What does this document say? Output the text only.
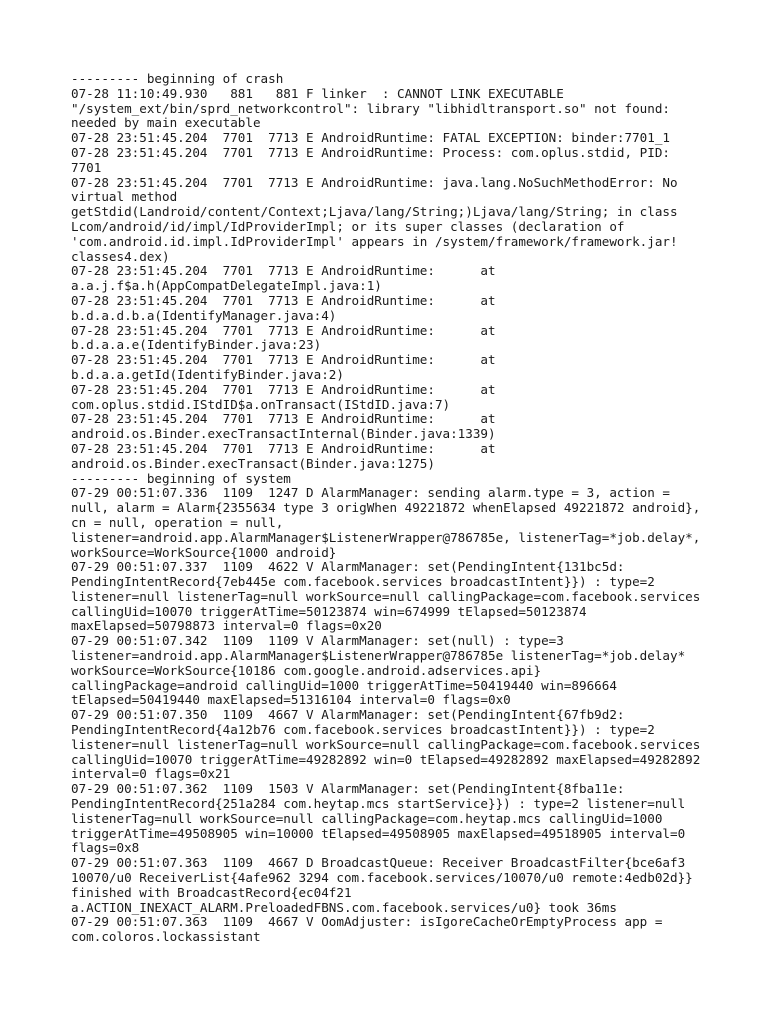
--------- beginning of crash
07-28 11:10:49.930   881   881 F linker  : CANNOT LINK EXECUTABLE
"/system_ext/bin/sprd_networkcontrol": library "libhidltransport.so" not found:
needed by main executable
07-28 23:51:45.204  7701  7713 E AndroidRuntime: FATAL EXCEPTION: binder:7701_1
07-28 23:51:45.204  7701  7713 E AndroidRuntime: Process: com.oplus.stdid, PID:
7701
07-28 23:51:45.204  7701  7713 E AndroidRuntime: java.lang.NoSuchMethodError: No
virtual method
getStdid(Landroid/content/Context;Ljava/lang/String;)Ljava/lang/String; in class
Lcom/android/id/impl/IdProviderImpl; or its super classes (declaration of
'com.android.id.impl.IdProviderImpl' appears in /system/framework/framework.jar!
classes4.dex)
07-28 23:51:45.204  7701  7713 E AndroidRuntime:      at
a.a.j.f$a.h(AppCompatDelegateImpl.java:1)
07-28 23:51:45.204  7701  7713 E AndroidRuntime:      at
b.d.a.d.b.a(IdentifyManager.java:4)
07-28 23:51:45.204  7701  7713 E AndroidRuntime:      at
b.d.a.a.e(IdentifyBinder.java:23)
07-28 23:51:45.204  7701  7713 E AndroidRuntime:      at
b.d.a.a.getId(IdentifyBinder.java:2)
07-28 23:51:45.204  7701  7713 E AndroidRuntime:      at
com.oplus.stdid.IStdID$a.onTransact(IStdID.java:7)
07-28 23:51:45.204  7701  7713 E AndroidRuntime:      at
android.os.Binder.execTransactInternal(Binder.java:1339)
07-28 23:51:45.204  7701  7713 E AndroidRuntime:      at
android.os.Binder.execTransact(Binder.java:1275)
--------- beginning of system
07-29 00:51:07.336  1109  1247 D AlarmManager: sending alarm.type = 3, action =
null, alarm = Alarm{2355634 type 3 origWhen 49221872 whenElapsed 49221872 android},
cn = null, operation = null,
listener=android.app.AlarmManager$ListenerWrapper@786785e, listenerTag=*job.delay*,
workSource=WorkSource{1000 android}
07-29 00:51:07.337  1109  4622 V AlarmManager: set(PendingIntent{131bc5d:
PendingIntentRecord{7eb445e com.facebook.services broadcastIntent}}) : type=2
listener=null listenerTag=null workSource=null callingPackage=com.facebook.services
callingUid=10070 triggerAtTime=50123874 win=674999 tElapsed=50123874
maxElapsed=50798873 interval=0 flags=0x20
07-29 00:51:07.342  1109  1109 V AlarmManager: set(null) : type=3
listener=android.app.AlarmManager$ListenerWrapper@786785e listenerTag=*job.delay*
workSource=WorkSource{10186 com.google.android.adservices.api}
callingPackage=android callingUid=1000 triggerAtTime=50419440 win=896664
tElapsed=50419440 maxElapsed=51316104 interval=0 flags=0x0
07-29 00:51:07.350  1109  4667 V AlarmManager: set(PendingIntent{67fb9d2:
PendingIntentRecord{4a12b76 com.facebook.services broadcastIntent}}) : type=2
listener=null listenerTag=null workSource=null callingPackage=com.facebook.services
callingUid=10070 triggerAtTime=49282892 win=0 tElapsed=49282892 maxElapsed=49282892
interval=0 flags=0x21
07-29 00:51:07.362  1109  1503 V AlarmManager: set(PendingIntent{8fba11e:
PendingIntentRecord{251a284 com.heytap.mcs startService}}) : type=2 listener=null
listenerTag=null workSource=null callingPackage=com.heytap.mcs callingUid=1000
triggerAtTime=49508905 win=10000 tElapsed=49508905 maxElapsed=49518905 interval=0
flags=0x8
07-29 00:51:07.363  1109  4667 D BroadcastQueue: Receiver BroadcastFilter{bce6af3
10070/u0 ReceiverList{4afe962 3294 com.facebook.services/10070/u0 remote:4edb02d}}
finished with BroadcastRecord{ec04f21
a.ACTION_INEXACT_ALARM.PreloadedFBNS.com.facebook.services/u0} took 36ms
07-29 00:51:07.363  1109  4667 V OomAdjuster: isIgoreCacheOrEmptyProcess app =
com.coloros.lockassistant
